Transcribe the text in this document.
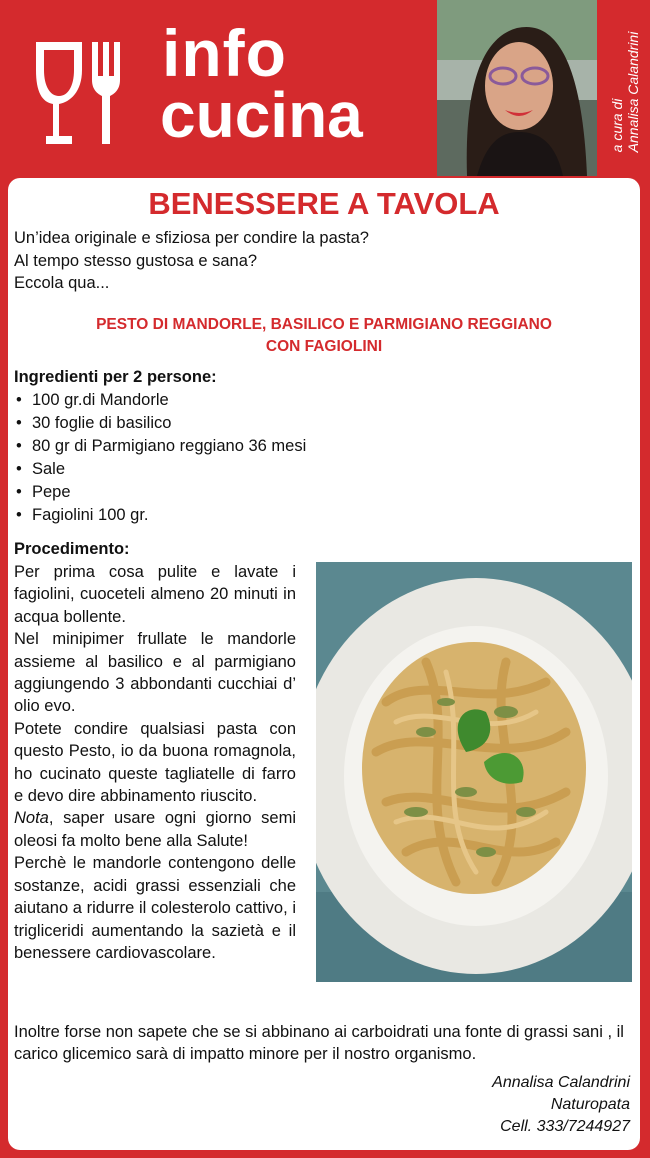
info
cucina	a cura di Annalisa Calandrini
BENESSERE A TAVOLA
Un’idea originale e sfiziosa per condire la pasta?
Al tempo stesso gustosa e sana?
Eccola qua...
PESTO DI MANDORLE, BASILICO E PARMIGIANO REGGIANO
CON FAGIOLINI
Ingredienti per 2 persone:
• 100 gr.di Mandorle
• 30 foglie di basilico
• 80 gr di Parmigiano reggiano 36 mesi
• Sale
• Pepe
• Fagiolini 100 gr.
Procedimento:

Per prima cosa pulite e lavate i fagiolini, cuoceteli almeno 20 minuti in acqua bollente.

Nel minipimer frullate le mandorle assieme al basilico e al parmigiano aggiungendo 3 abbondanti cucchiai d’ olio evo.

Potete condire qualsiasi pasta con questo Pesto, io da buona romagnola, ho cucinato queste tagliatelle di farro e devo dire abbinamento riuscito.

Nota, saper usare ogni giorno semi oleosi fa molto bene alla Salute!

Perchè le mandorle contengono delle sostanze, acidi grassi essenziali che aiutano a ridurre il colesterolo cattivo, i trigliceridi aumentando la sazietà e il benessere cardiovascolare.

Inoltre forse non sapete che se si abbinano ai carboidrati una fonte di grassi sani , il carico glicemico sarà di impatto minore per il nostro organismo.
Annalisa Calandrini
Naturopata
Cell. 333/7244927
